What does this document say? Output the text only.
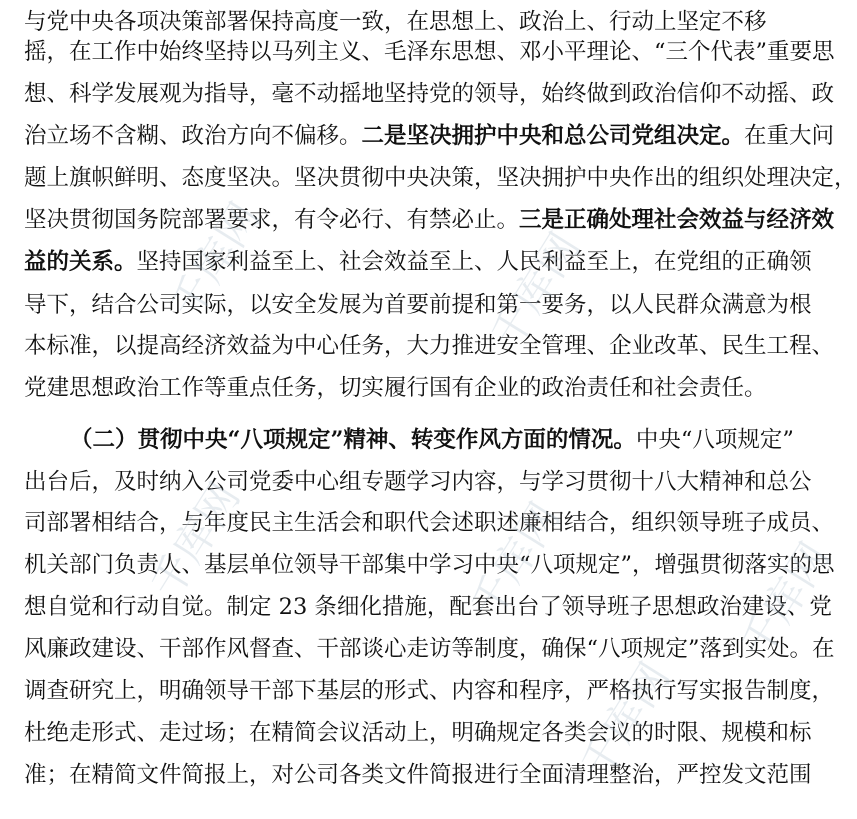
与党中央各项决策部署保持高度一致，在思想上、政治上、行动上坚定不移
摇，在工作中始终坚持以马列主义、毛泽东思想、邓小平理论、“三个代表”重要思
想、科学发展观为指导，毫不动摇地坚持党的领导，始终做到政治信仰不动摇、政
治立场不含糊、政治方向不偏移。二是坚决拥护中央和总公司党组决定。在重大问
题上旗帜鲜明、态度坚决。坚决贯彻中央决策，坚决拥护中央作出的组织处理决定，
坚决贯彻国务院部署要求，有令必行、有禁必止。三是正确处理社会效益与经济效
益的关系。坚持国家利益至上、社会效益至上、人民利益至上，在党组的正确领
导下，结合公司实际，以安全发展为首要前提和第一要务，以人民群众满意为根
本标准，以提高经济效益为中心任务，大力推进安全管理、企业改革、民生工程、
党建思想政治工作等重点任务，切实履行国有企业的政治责任和社会责任。
（二）贯彻中央“八项规定”精神、转变作风方面的情况。中央“八项规定”
出台后，及时纳入公司党委中心组专题学习内容，与学习贯彻十八大精神和总公
司部署相结合，与年度民主生活会和职代会述职述廉相结合，组织领导班子成员、
机关部门负责人、基层单位领导干部集中学习中央“八项规定”，增强贯彻落实的思
想自觉和行动自觉。制定 23 条细化措施，配套出台了领导班子思想政治建设、党
风廉政建设、干部作风督查、干部谈心走访等制度，确保“八项规定”落到实处。在
调查研究上，明确领导干部下基层的形式、内容和程序，严格执行写实报告制度，
杜绝走形式、走过场；在精简会议活动上，明确规定各类会议的时限、规模和标
准；在精简文件简报上，对公司各类文件简报进行全面清理整治，严控发文范围
千库网	千库网
千库网	千库网	千库网
千库网
